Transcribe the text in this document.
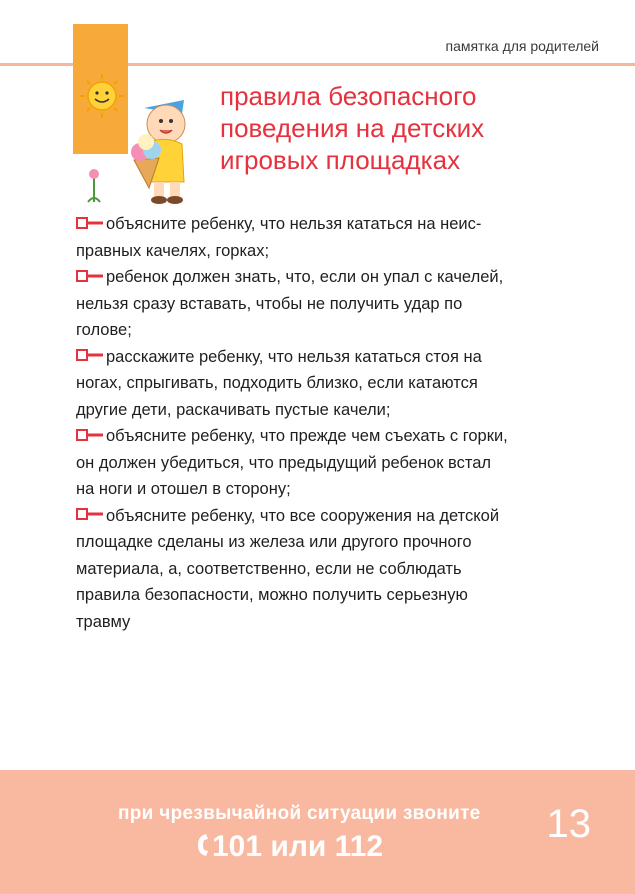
памятка для родителей
правила безопасного
поведения на детских
игровых площадках
объясните ребенку, что нельзя кататься на неис-
правных качелях, горках;
ребенок должен знать, что, если он упал с качелей,
нельзя сразу вставать, чтобы не получить удар по
голове;
расскажите ребенку, что нельзя кататься стоя на
ногах, спрыгивать, подходить близко, если катаются
другие дети, раскачивать пустые качели;
объясните ребенку, что прежде чем съехать с горки,
он должен убедиться, что предыдущий ребенок встал
на ноги и отошел в сторону;
объясните ребенку, что все сооружения на детской
площадке сделаны из железа или другого прочного
материала, а, соответственно, если не соблюдать
правила безопасности, можно получить серьезную
травму
при чрезвычайной ситуации звоните
101 или 112
13
